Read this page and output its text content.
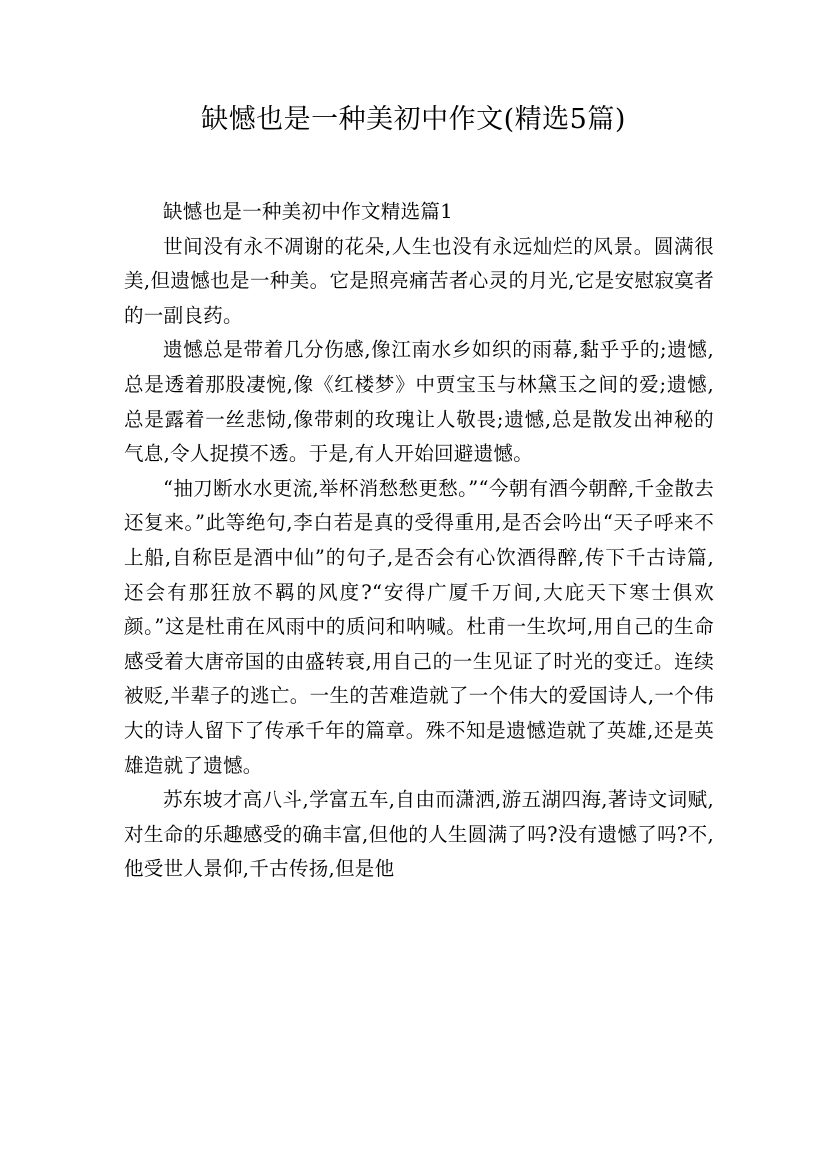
缺憾也是一种美初中作文(精选5篇)

缺憾也是一种美初中作文精选篇1

世间没有永不凋谢的花朵,人生也没有永远灿烂的风景。圆满很美,但遗憾也是一种美。它是照亮痛苦者心灵的月光,它是安慰寂寞者的一副良药。

遗憾总是带着几分伤感,像江南水乡如织的雨幕,黏乎乎的;遗憾,总是透着那股凄惋,像《红楼梦》中贾宝玉与林黛玉之间的爱;遗憾,总是露着一丝悲恸,像带刺的玫瑰让人敬畏;遗憾,总是散发出神秘的气息,令人捉摸不透。于是,有人开始回避遗憾。

“抽刀断水水更流,举杯消愁愁更愁。”“今朝有酒今朝醉,千金散去还复来。”此等绝句,李白若是真的受得重用,是否会吟出“天子呼来不上船,自称臣是酒中仙”的句子,是否会有心饮酒得醉,传下千古诗篇,还会有那狂放不羁的风度?“安得广厦千万间,大庇天下寒士俱欢颜。”这是杜甫在风雨中的质问和呐喊。杜甫一生坎坷,用自己的生命感受着大唐帝国的由盛转衰,用自己的一生见证了时光的变迁。连续被贬,半辈子的逃亡。一生的苦难造就了一个伟大的爱国诗人,一个伟大的诗人留下了传承千年的篇章。殊不知是遗憾造就了英雄,还是英雄造就了遗憾。

苏东坡才高八斗,学富五车,自由而潇洒,游五湖四海,著诗文词赋,对生命的乐趣感受的确丰富,但他的人生圆满了吗?没有遗憾了吗?不,他受世人景仰,千古传扬,但是他
